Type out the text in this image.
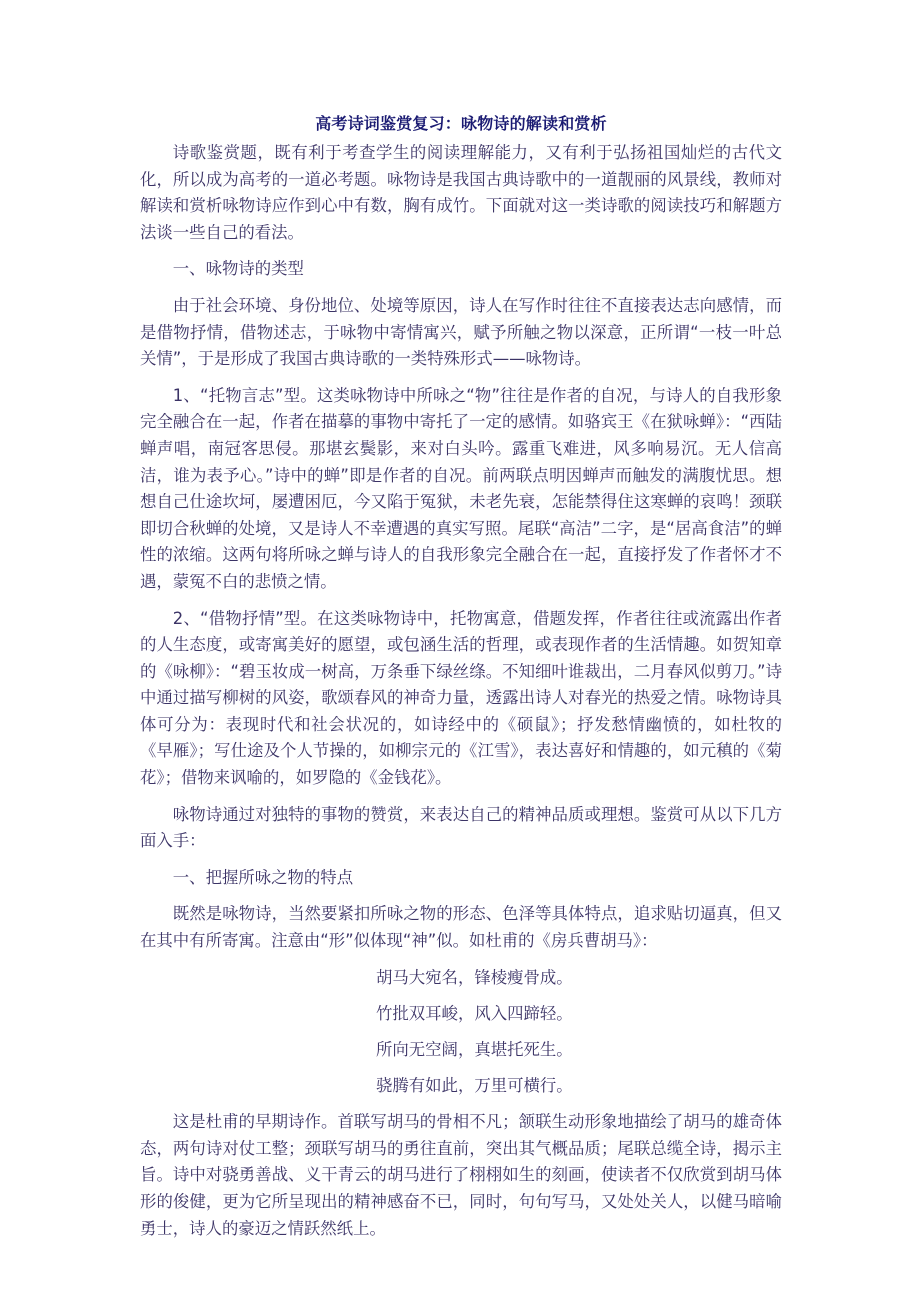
高考诗词鉴赏复习：咏物诗的解读和赏析

诗歌鉴赏题，既有利于考查学生的阅读理解能力，又有利于弘扬祖国灿烂的古代文化，所以成为高考的一道必考题。咏物诗是我国古典诗歌中的一道靓丽的风景线，教师对解读和赏析咏物诗应作到心中有数，胸有成竹。下面就对这一类诗歌的阅读技巧和解题方法谈一些自己的看法。

一、咏物诗的类型

由于社会环境、身份地位、处境等原因，诗人在写作时往往不直接表达志向感情，而是借物抒情，借物述志，于咏物中寄情寓兴，赋予所触之物以深意，正所谓“一枝一叶总关情”，于是形成了我国古典诗歌的一类特殊形式——咏物诗。

1、“托物言志”型。这类咏物诗中所咏之“物”往往是作者的自况，与诗人的自我形象完全融合在一起，作者在描摹的事物中寄托了一定的感情。如骆宾王《在狱咏蝉》：“西陆蝉声唱，南冠客思侵。那堪玄鬓影，来对白头吟。露重飞难进，风多响易沉。无人信高洁，谁为表予心。”诗中的蝉”即是作者的自况。前两联点明因蝉声而触发的满腹忧思。想想自己仕途坎坷，屡遭困厄，今又陷于冤狱，未老先衰，怎能禁得住这寒蝉的哀鸣！颈联即切合秋蝉的处境，又是诗人不幸遭遇的真实写照。尾联“高洁”二字，是“居高食洁”的蝉性的浓缩。这两句将所咏之蝉与诗人的自我形象完全融合在一起，直接抒发了作者怀才不遇，蒙冤不白的悲愤之情。

2、“借物抒情”型。在这类咏物诗中，托物寓意，借题发挥，作者往往或流露出作者的人生态度，或寄寓美好的愿望，或包涵生活的哲理，或表现作者的生活情趣。如贺知章的《咏柳》：“碧玉妆成一树高，万条垂下绿丝绦。不知细叶谁裁出，二月春风似剪刀。”诗中通过描写柳树的风姿，歌颂春风的神奇力量，透露出诗人对春光的热爱之情。咏物诗具体可分为：表现时代和社会状况的，如诗经中的《硕鼠》；抒发愁情幽愤的，如杜牧的《早雁》；写仕途及个人节操的，如柳宗元的《江雪》，表达喜好和情趣的，如元稹的《菊花》；借物来讽喻的，如罗隐的《金钱花》。

咏物诗通过对独特的事物的赞赏，来表达自己的精神品质或理想。鉴赏可从以下几方面入手：

一、把握所咏之物的特点

既然是咏物诗，当然要紧扣所咏之物的形态、色泽等具体特点，追求贴切逼真，但又在其中有所寄寓。注意由“形”似体现“神”似。如杜甫的《房兵曹胡马》：

胡马大宛名，锋棱瘦骨成。

竹批双耳峻，风入四蹄轻。

所向无空阔，真堪托死生。

骁腾有如此，万里可横行。

这是杜甫的早期诗作。首联写胡马的骨相不凡；颔联生动形象地描绘了胡马的雄奇体态，两句诗对仗工整；颈联写胡马的勇往直前，突出其气概品质；尾联总缆全诗，揭示主旨。诗中对骁勇善战、义干青云的胡马进行了栩栩如生的刻画，使读者不仅欣赏到胡马体形的俊健，更为它所呈现出的精神感奋不已，同时，句句写马，又处处关人，以健马暗喻勇士，诗人的豪迈之情跃然纸上。
